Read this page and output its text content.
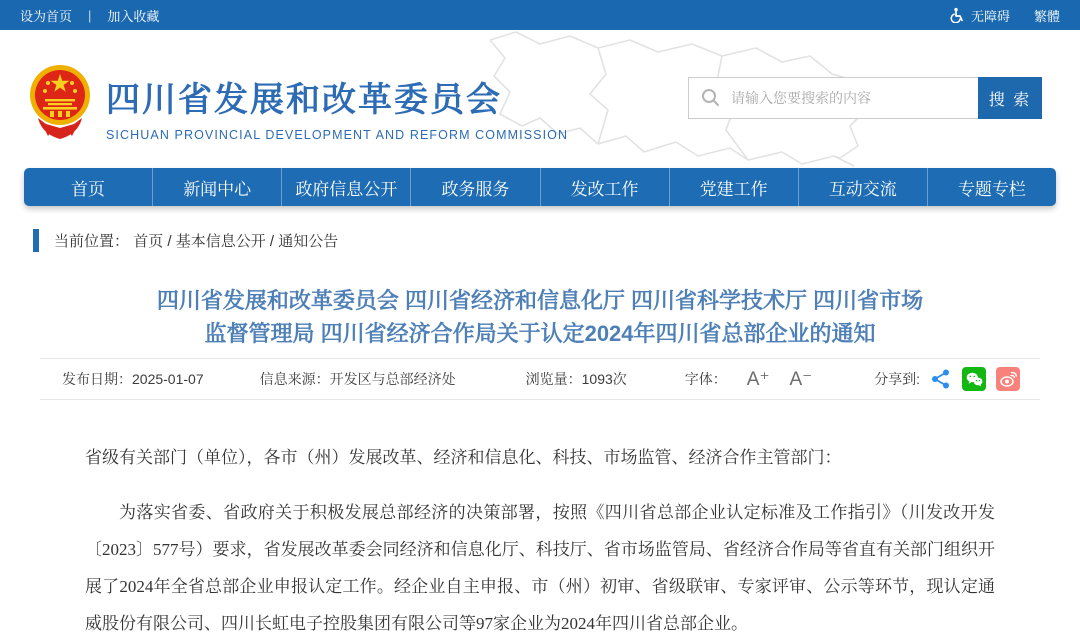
设为首页 | 加入收藏	无障碍 繁體
四川省发展和改革委员会
SICHUAN PROVINCIAL DEVELOPMENT AND REFORM COMMISSION
请输入您要搜索的内容
搜 索
首页	新闻中心	政府信息公开	政务服务	发改工作	党建工作	互动交流	专题专栏
当前位置： 首页 / 基本信息公开 / 通知公告
四川省发展和改革委员会 四川省经济和信息化厅 四川省科学技术厅 四川省市场
监督管理局 四川省经济合作局关于认定2024年四川省总部企业的通知
发布日期：2025-01-07	信息来源：开发区与总部经济处	浏览量：1093次	字体： A⁺ A⁻	分享到:

省级有关部门（单位），各市（州）发展改革、经济和信息化、科技、市场监管、经济合作主管部门：

为落实省委、省政府关于积极发展总部经济的决策部署，按照《四川省总部企业认定标准及工作指引》（川发改开发〔2023〕577号）要求，省发展改革委会同经济和信息化厅、科技厅、省市场监管局、省经济合作局等省直有关部门组织开展了2024年全省总部企业申报认定工作。经企业自主申报、市（州）初审、省级联审、专家评审、公示等环节，现认定通威股份有限公司、四川长虹电子控股集团有限公司等97家企业为2024年四川省总部企业。
